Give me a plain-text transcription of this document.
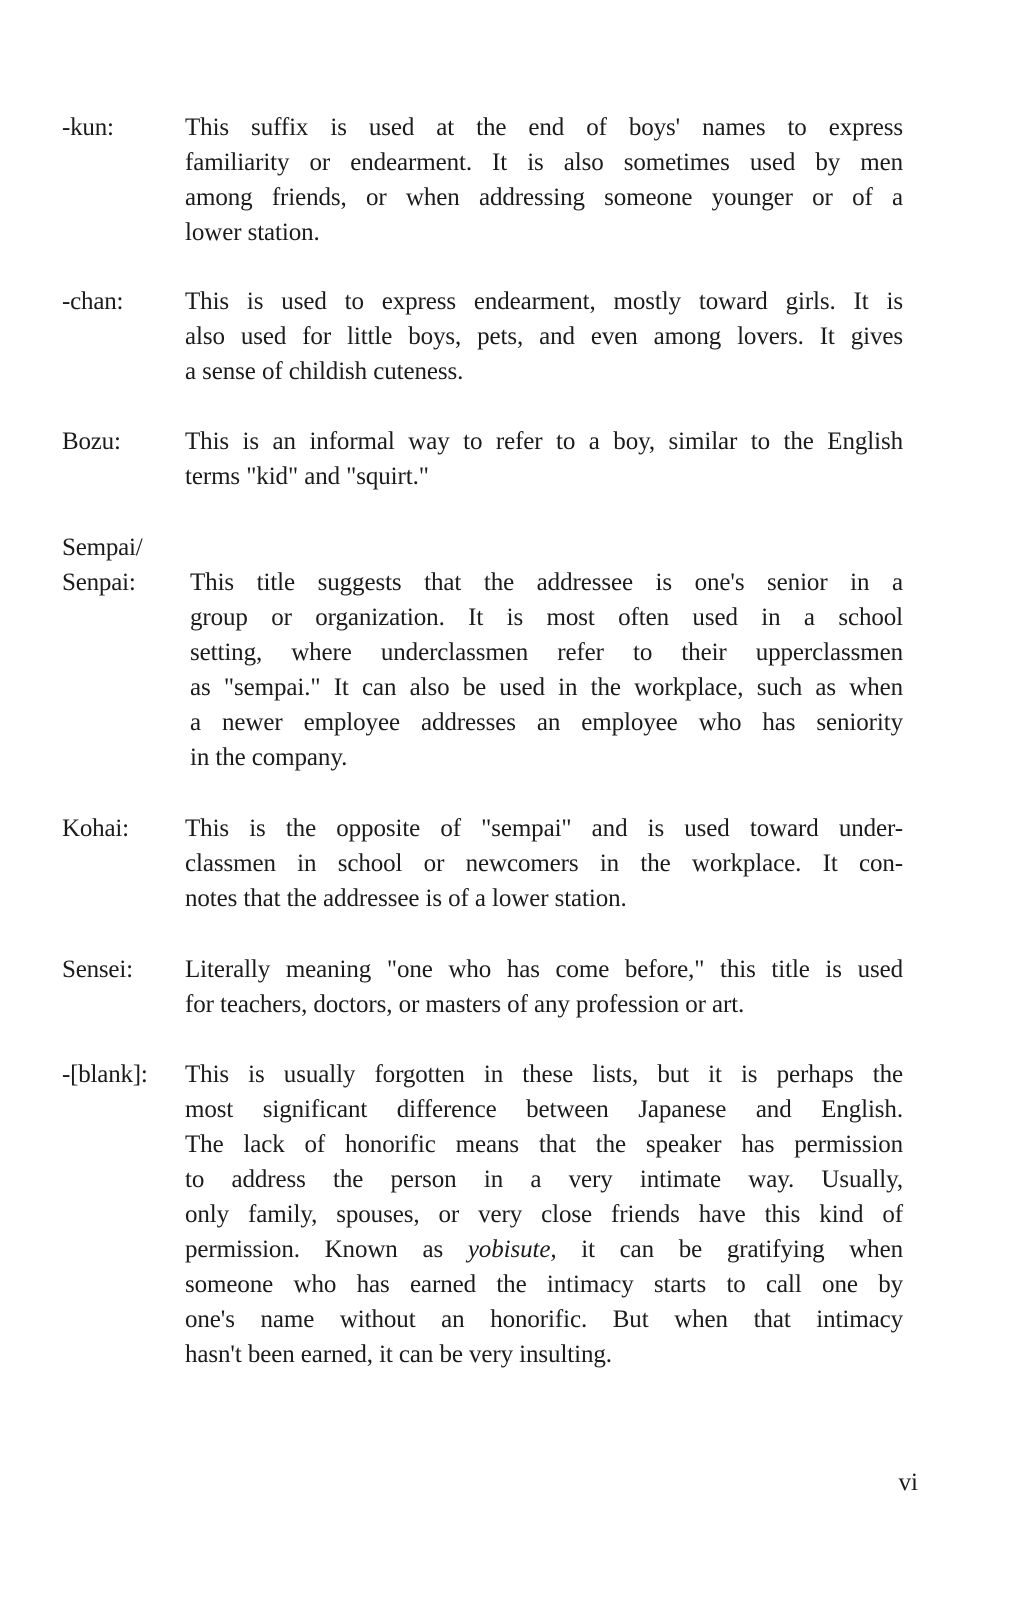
-kun:	This suffix is used at the end of boys' names to express
familiarity or endearment. It is also sometimes used by men
among friends, or when addressing someone younger or of a
lower station.
-chan:	This is used to express endearment, mostly toward girls. It is
also used for little boys, pets, and even among lovers. It gives
a sense of childish cuteness.
Bozu:	This is an informal way to refer to a boy, similar to the English
terms "kid" and "squirt."
Sempai/
Senpai:	This title suggests that the addressee is one's senior in a
group or organization. It is most often used in a school
setting, where underclassmen refer to their upperclassmen
as "sempai." It can also be used in the workplace, such as when
a newer employee addresses an employee who has seniority
in the company.
Kohai:	This is the opposite of "sempai" and is used toward under-
classmen in school or newcomers in the workplace. It con-
notes that the addressee is of a lower station.
Sensei:	Literally meaning "one who has come before," this title is used
for teachers, doctors, or masters of any profession or art.
-[blank]:	This is usually forgotten in these lists, but it is perhaps the
most significant difference between Japanese and English.
The lack of honorific means that the speaker has permission
to address the person in a very intimate way. Usually,
only family, spouses, or very close friends have this kind of
permission. Known as yobisute, it can be gratifying when
someone who has earned the intimacy starts to call one by
one's name without an honorific. But when that intimacy
hasn't been earned, it can be very insulting.
vi
